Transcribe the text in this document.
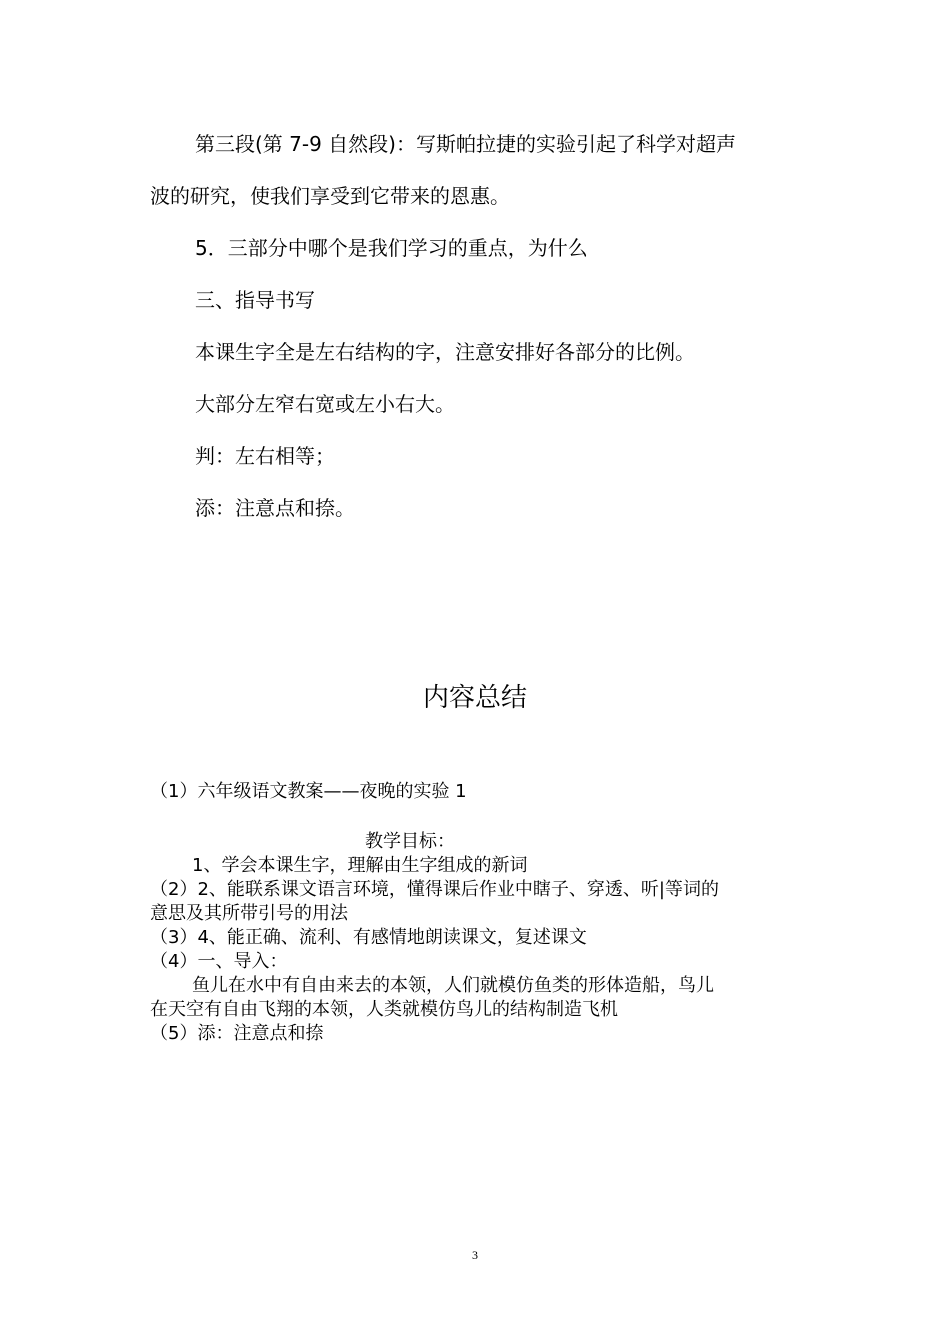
第三段(第 7-9 自然段)：写斯帕拉捷的实验引起了科学对超声

波的研究，使我们享受到它带来的恩惠。

5．三部分中哪个是我们学习的重点，为什么

三、指导书写

本课生字全是左右结构的字，注意安排好各部分的比例。

大部分左窄右宽或左小右大。

判：左右相等；

添：注意点和捺。

内容总结

（1）六年级语文教案——夜晚的实验 1

教学目标：

1、学会本课生字，理解由生字组成的新词

（2）2、能联系课文语言环境，懂得课后作业中瞎子、穿透、听|等词的
意思及其所带引号的用法

（3）4、能正确、流利、有感情地朗读课文，复述课文

（4）一、导入：

鱼儿在水中有自由来去的本领，人们就模仿鱼类的形体造船，鸟儿
在天空有自由飞翔的本领，人类就模仿鸟儿的结构制造飞机

（5）添：注意点和捺

3
